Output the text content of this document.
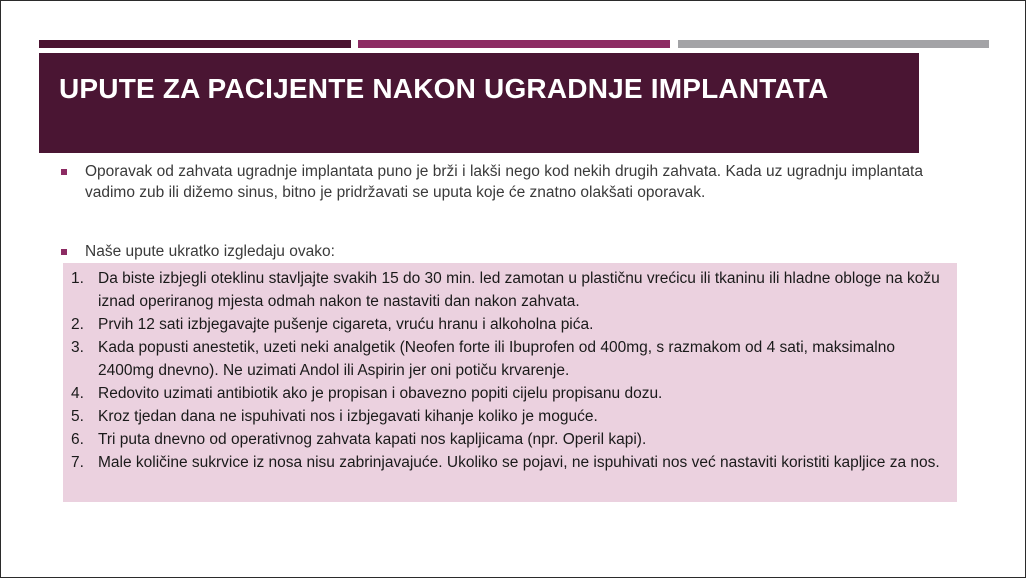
UPUTE ZA PACIJENTE NAKON UGRADNJE IMPLANTATA
Oporavak od zahvata ugradnje implantata puno je brži i lakši nego kod nekih drugih zahvata. Kada uz ugradnju implantata vadimo zub ili dižemo sinus, bitno je pridržavati se uputa koje će znatno olakšati oporavak.
Naše upute ukratko izgledaju ovako:
1. Da biste izbjegli oteklinu stavljajte svakih 15 do 30 min. led zamotan u plastičnu vrećicu ili tkaninu ili hladne obloge na kožu iznad operiranog mjesta odmah nakon te nastaviti dan nakon zahvata.
2. Prvih 12 sati izbjegavajte pušenje cigareta, vruću hranu i alkoholna pića.
3. Kada popusti anestetik, uzeti neki analgetik (Neofen forte ili Ibuprofen od 400mg, s razmakom od 4 sati, maksimalno 2400mg dnevno). Ne uzimati Andol ili Aspirin jer oni potiču krvarenje.
4. Redovito uzimati antibiotik ako je propisan i obavezno popiti cijelu propisanu dozu.
5. Kroz tjedan dana ne ispuhivati nos i izbjegavati kihanje koliko je moguće.
6. Tri puta dnevno od operativnog zahvata kapati nos kapljicama (npr. Operil kapi).
7. Male količine sukrvice iz nosa nisu zabrinjavajuće. Ukoliko se pojavi, ne ispuhivati nos već nastaviti koristiti kapljice za nos.
